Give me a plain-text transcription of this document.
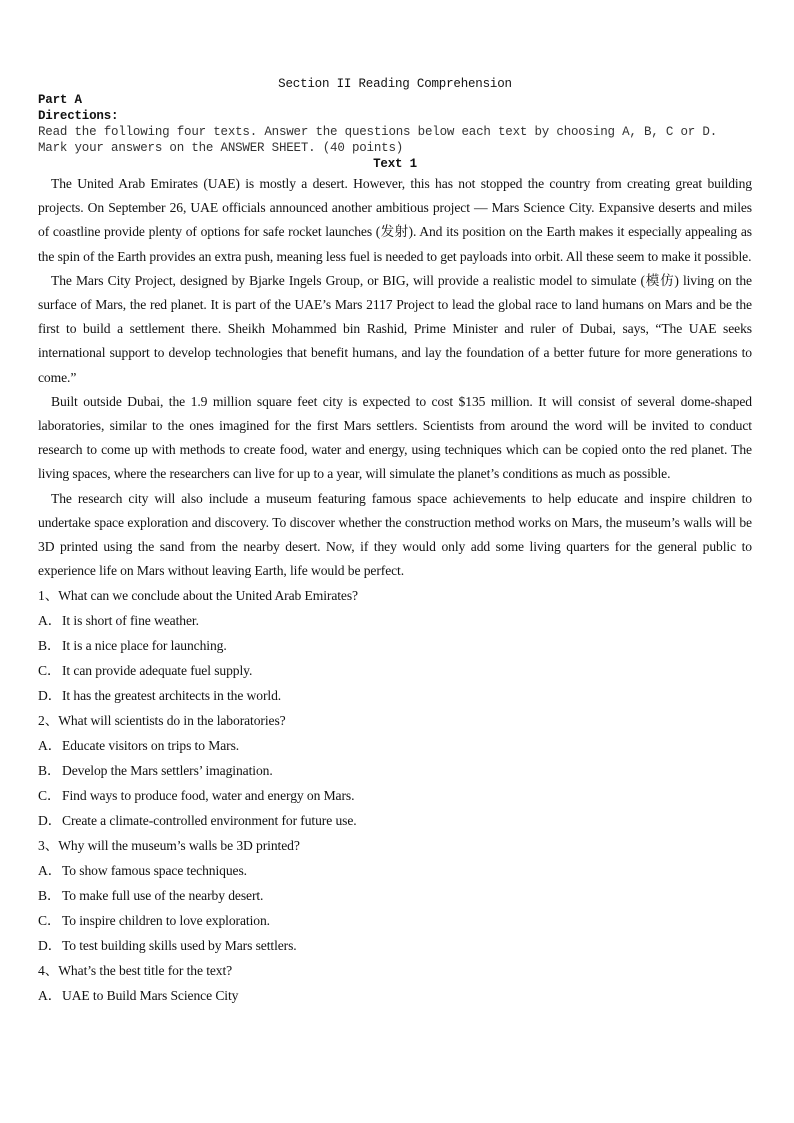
Section II Reading Comprehension

Part A

Directions:

Read the following four texts. Answer the questions below each text by choosing A, B, C or D. Mark your answers on the ANSWER SHEET. (40 points)

Text 1

The United Arab Emirates (UAE) is mostly a desert. However, this has not stopped the country from creating great building projects. On September 26, UAE officials announced another ambitious project — Mars Science City. Expansive deserts and miles of coastline provide plenty of options for safe rocket launches (发射). And its position on the Earth makes it especially appealing as the spin of the Earth provides an extra push, meaning less fuel is needed to get payloads into orbit. All these seem to make it possible.

The Mars City Project, designed by Bjarke Ingels Group, or BIG, will provide a realistic model to simulate (模仿) living on the surface of Mars, the red planet. It is part of the UAE’s Mars 2117 Project to lead the global race to land humans on Mars and be the first to build a settlement there. Sheikh Mohammed bin Rashid, Prime Minister and ruler of Dubai, says, “The UAE seeks international support to develop technologies that benefit humans, and lay the foundation of a better future for more generations to come.”

Built outside Dubai, the 1.9 million square feet city is expected to cost $135 million. It will consist of several dome-shaped laboratories, similar to the ones imagined for the first Mars settlers. Scientists from around the word will be invited to conduct research to come up with methods to create food, water and energy, using techniques which can be copied onto the red planet. The living spaces, where the researchers can live for up to a year, will simulate the planet’s conditions as much as possible.

The research city will also include a museum featuring famous space achievements to help educate and inspire children to undertake space exploration and discovery. To discover whether the construction method works on Mars, the museum’s walls will be 3D printed using the sand from the nearby desert. Now, if they would only add some living quarters for the general public to experience life on Mars without leaving Earth, life would be perfect.

1、What can we conclude about the United Arab Emirates?

A．It is short of fine weather.

B． It is a nice place for launching.

C． It can provide adequate fuel supply.

D．It has the greatest architects in the world.

2、What will scientists do in the laboratories?

A．Educate visitors on trips to Mars.

B． Develop the Mars settlers’ imagination.

C． Find ways to produce food, water and energy on Mars.

D．Create a climate-controlled environment for future use.

3、Why will the museum’s walls be 3D printed?

A．To show famous space techniques.

B． To make full use of the nearby desert.

C． To inspire children to love exploration.

D．To test building skills used by Mars settlers.

4、What’s the best title for the text?

A．UAE to Build Mars Science City
